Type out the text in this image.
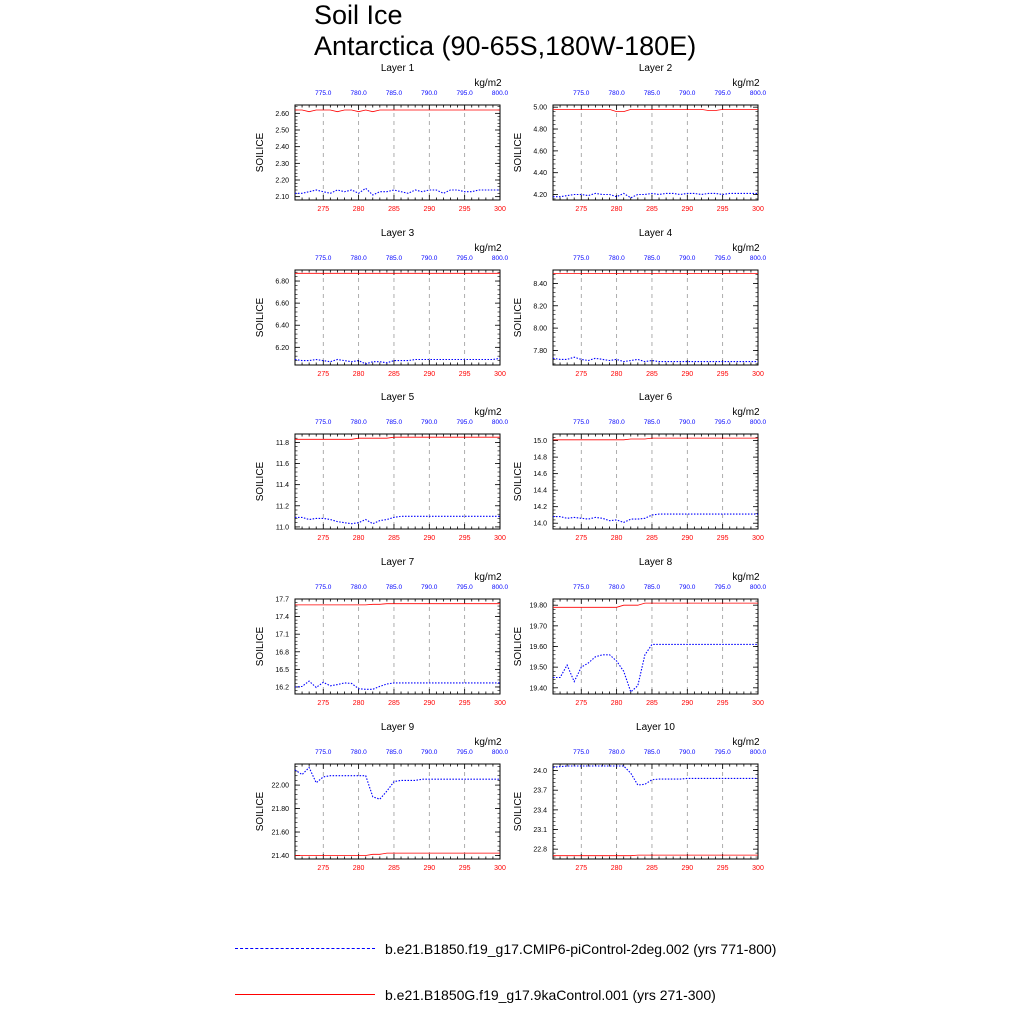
Soil Ice
Antarctica (90-65S,180W-180E)
275	280	285	290	295	300
775.0	780.0	785.0	790.0	795.0	800.0
2.10
2.20
2.30
2.40
2.50
2.60
Layer 1
kg/m2
SOILICE
275	280	285	290	295	300
775.0	780.0	785.0	790.0	795.0	800.0
4.20
4.40
4.60
4.80
5.00
Layer 2
kg/m2
SOILICE
275	280	285	290	295	300
775.0	780.0	785.0	790.0	795.0	800.0
6.20
6.40
6.60
6.80
Layer 3
kg/m2
SOILICE
275	280	285	290	295	300
775.0	780.0	785.0	790.0	795.0	800.0
7.80
8.00
8.20
8.40
Layer 4
kg/m2
SOILICE
275	280	285	290	295	300
775.0	780.0	785.0	790.0	795.0	800.0
11.0
11.2
11.4
11.6
11.8
Layer 5
kg/m2
SOILICE
275	280	285	290	295	300
775.0	780.0	785.0	790.0	795.0	800.0
14.0
14.2
14.4
14.6
14.8
15.0
Layer 6
kg/m2
SOILICE
275	280	285	290	295	300
775.0	780.0	785.0	790.0	795.0	800.0
16.2
16.5
16.8
17.1
17.4
17.7
Layer 7
kg/m2
SOILICE
275	280	285	290	295	300
775.0	780.0	785.0	790.0	795.0	800.0
19.40
19.50
19.60
19.70
19.80
Layer 8
kg/m2
SOILICE
275	280	285	290	295	300
775.0	780.0	785.0	790.0	795.0	800.0
21.40
21.60
21.80
22.00
Layer 9
kg/m2
SOILICE
275	280	285	290	295	300
775.0	780.0	785.0	790.0	795.0	800.0
22.8
23.1
23.4
23.7
24.0
Layer 10
kg/m2
SOILICE
b.e21.B1850.f19_g17.CMIP6-piControl-2deg.002 (yrs 771-800)
b.e21.B1850G.f19_g17.9kaControl.001 (yrs 271-300)
